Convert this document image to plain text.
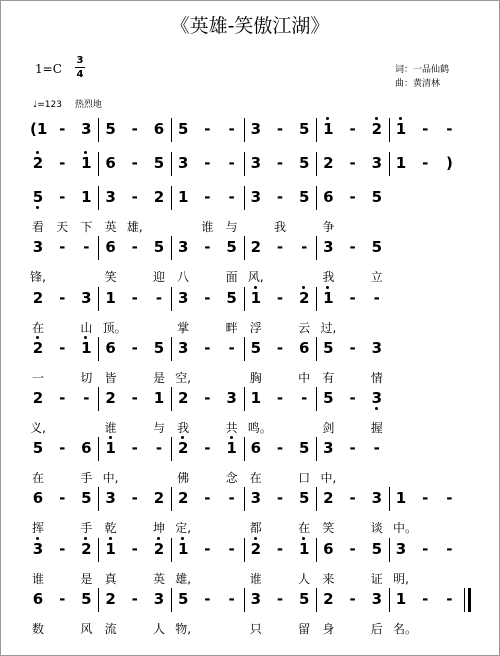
《英雄-笑傲江湖》
1=C
3
4	词：一品仙鹤
曲：黄清林
♩=123 热烈地
(1 -	3 5	-	6 5	-	-	3	-	5 1	-	2 1	-	-
2	-	1 6	-	5 3	-	-	3	-	5 2	-	3 1	-	)
5	-	1 3	-	2 1	-	-	3	-	5 6	-	5
看 天 下 英 雄,	谁 与	我	争
3	-	-	6	-	5 3	-	5 2	-	-	3	-	5
锋,	笑	迎 八	面 风,	我	立
2	-	3 1	-	-	3	-	5 1	-	2 1	-	-
在	山 顶。	掌	畔 浮	云 过,
2	-	1 6	-	5 3	-	-	5	-	6 5	-	3
一	切 皆	是 空,	胸	中 有	情
2	-	-	2	-	1 2	-	3 1	-	-	5	-	3
义,	谁	与 我	共 鸣。	剑	握
5	-	6 1	-	-	2	-	1 6	-	5 3	-	-
在	手 中,	佛	念 在	口 中,
6	-	5 3	-	2 2	-	-	3	-	5 2	-	3 1	-	-
挥	手 乾	坤 定,	都	在 笑	谈 中。
3	-	2 1	-	2 1	-	-	2	-	1 6	-	5 3	-	-
谁	是 真	英 雄,	谁	人 来	证 明,
6	-	5 2	-	3 5	-	-	3	-	5 2	-	3 1	-	-
数	风 流	人 物,	只	留 身	后 名。
